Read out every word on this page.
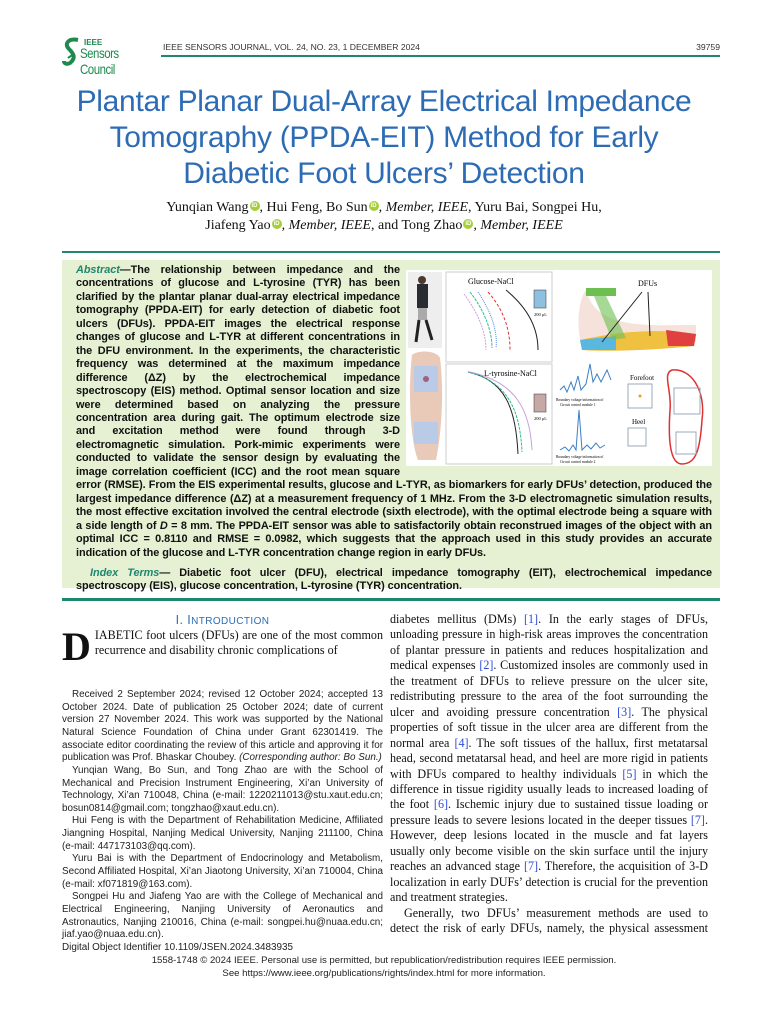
IEEE
Sensors Council
IEEE SENSORS JOURNAL, VOL. 24, NO. 23, 1 DECEMBER 2024	39759
Plantar Planar Dual-Array Electrical Impedance
Tomography (PPDA-EIT) Method for Early
Diabetic Foot Ulcers’ Detection
Yunqian Wang iD , Hui Feng, Bo Sun iD , Member, IEEE, Yuru Bai, Songpei Hu,
Jiafeng Yao iD , Member, IEEE, and Tong Zhao iD , Member, IEEE
Glucose-NaCl
200 μL
L-tyrosine-NaCl
200 μL
DFUs
Boundary voltage information of
Circuit control module 1
Boundary voltage information of
Circuit control module 2
Forefoot
Heel

Abstract—The relationship between impedance and the concentrations of glucose and L-tyrosine (TYR) has been clarified by the plantar planar dual-array electrical impedance tomography (PPDA-EIT) for early detection of diabetic foot ulcers (DFUs). PPDA-EIT images the electrical response changes of glucose and L-TYR at different concentrations in the DFU environment. In the experiments, the characteristic frequency was determined at the maximum impedance difference (ΔZ) by the electrochemical impedance spectroscopy (EIS) method. Optimal sensor location and size were determined based on analyzing the pressure concentration area during gait. The optimum electrode size and excitation method were found through 3-D electromagnetic simulation. Pork-mimic experiments were conducted to validate the sensor design by evaluating the image correlation coefficient (ICC) and the root mean square error (RMSE). From the EIS experimental results, glucose and L-TYR, as biomarkers for early DFUs’ detection, produced the largest impedance difference (ΔZ) at a measurement frequency of 1 MHz. From the 3-D electromagnetic simulation results, the most effective excitation involved the central electrode (sixth electrode), with the optimal electrode being a square with a side length of D = 8 mm. The PPDA-EIT sensor was able to satisfactorily obtain reconstrued images of the object with an optimal ICC = 0.8110 and RMSE = 0.0982, which suggests that the approach used in this study provides an accurate indication of the glucose and L-TYR concentration change region in early DFUs.

Index Terms— Diabetic foot ulcer (DFU), electrical impedance tomography (EIT), electrochemical impedance spectroscopy (EIS), glucose concentration, L-tyrosine (TYR) concentration.

I. INTRODUCTION

DIABETIC foot ulcers (DFUs) are one of the most common recurrence and disability chronic complications of

Received 2 September 2024; revised 12 October 2024; accepted 13 October 2024. Date of publication 25 October 2024; date of current version 27 November 2024. This work was supported by the National Natural Science Foundation of China under Grant 62301419. The associate editor coordinating the review of this article and approving it for publication was Prof. Bhaskar Choubey. (Corresponding author: Bo Sun.)

Yunqian Wang, Bo Sun, and Tong Zhao are with the School of Mechanical and Precision Instrument Engineering, Xi’an University of Technology, Xi’an 710048, China (e-mail: 1220211013@stu.xaut.edu.cn; bosun0814@gmail.com; tongzhao@xaut.edu.cn).

Hui Feng is with the Department of Rehabilitation Medicine, Affiliated Jiangning Hospital, Nanjing Medical University, Nanjing 211100, China (e-mail: 447173103@qq.com).

Yuru Bai is with the Department of Endocrinology and Metabolism, Second Affiliated Hospital, Xi’an Jiaotong University, Xi’an 710004, China (e-mail: xf071819@163.com).

Songpei Hu and Jiafeng Yao are with the College of Mechanical and Electrical Engineering, Nanjing University of Aeronautics and Astronautics, Nanjing 210016, China (e-mail: songpei.hu@nuaa.edu.cn; jiaf.yao@nuaa.edu.cn).

Digital Object Identifier 10.1109/JSEN.2024.3483935

diabetes mellitus (DMs) [1]. In the early stages of DFUs, unloading pressure in high-risk areas improves the concentration of plantar pressure in patients and reduces hospitalization and medical expenses [2]. Customized insoles are commonly used in the treatment of DFUs to relieve pressure on the ulcer site, redistributing pressure to the area of the foot surrounding the ulcer and avoiding pressure concentration [3]. The physical properties of soft tissue in the ulcer area are different from the normal area [4]. The soft tissues of the hallux, first metatarsal head, second metatarsal head, and heel are more rigid in patients with DFUs compared to healthy individuals [5] in which the difference in tissue rigidity usually leads to increased loading of the foot [6]. Ischemic injury due to sustained tissue loading or pressure leads to severe lesions located in the deeper tissues [7]. However, deep lesions located in the muscle and fat layers usually only become visible on the skin surface until the injury reaches an advanced stage [7]. Therefore, the acquisition of 3-D localization in early DUFs’ detection is crucial for the prevention and treatment strategies.

Generally, two DFUs’ measurement methods are used to detect the risk of early DFUs, namely, the physical assessment

1558-1748 © 2024 IEEE. Personal use is permitted, but republication/redistribution requires IEEE permission.
See https://www.ieee.org/publications/rights/index.html for more information.
